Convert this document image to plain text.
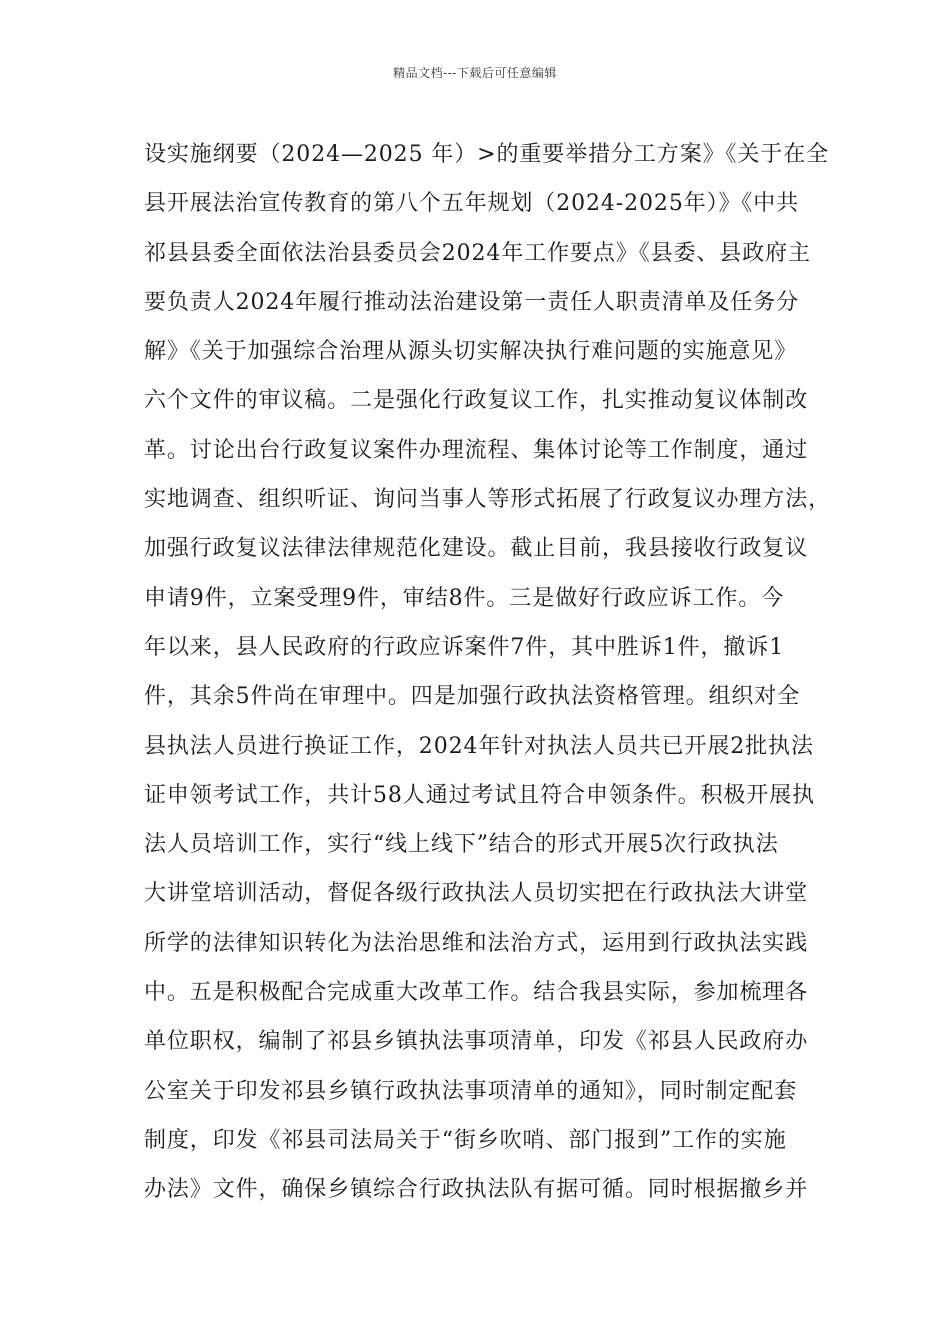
精品文档---下载后可任意编辑
设实施纲要（2024—2025 年）>的重要举措分工方案》《关于在全
县开展法治宣传教育的第八个五年规划（2024-2025年）》《中共
祁县县委全面依法治县委员会2024年工作要点》《县委、县政府主
要负责人2024年履行推动法治建设第一责任人职责清单及任务分
解》《关于加强综合治理从源头切实解决执行难问题的实施意见》
六个文件的审议稿。二是强化行政复议工作，扎实推动复议体制改
革。讨论出台行政复议案件办理流程、集体讨论等工作制度，通过
实地调查、组织听证、询问当事人等形式拓展了行政复议办理方法，
加强行政复议法律法律规范化建设。截止目前，我县接收行政复议
申请9件，立案受理9件，审结8件。三是做好行政应诉工作。今
年以来，县人民政府的行政应诉案件7件，其中胜诉1件，撤诉1
件，其余5件尚在审理中。四是加强行政执法资格管理。组织对全
县执法人员进行换证工作，2024年针对执法人员共已开展2批执法
证申领考试工作，共计58人通过考试且符合申领条件。积极开展执
法人员培训工作，实行“线上线下”结合的形式开展5次行政执法
大讲堂培训活动，督促各级行政执法人员切实把在行政执法大讲堂
所学的法律知识转化为法治思维和法治方式，运用到行政执法实践
中。五是积极配合完成重大改革工作。结合我县实际，参加梳理各
单位职权，编制了祁县乡镇执法事项清单，印发《祁县人民政府办
公室关于印发祁县乡镇行政执法事项清单的通知》，同时制定配套
制度，印发《祁县司法局关于“街乡吹哨、部门报到”工作的实施
办法》文件，确保乡镇综合行政执法队有据可循。同时根据撤乡并
